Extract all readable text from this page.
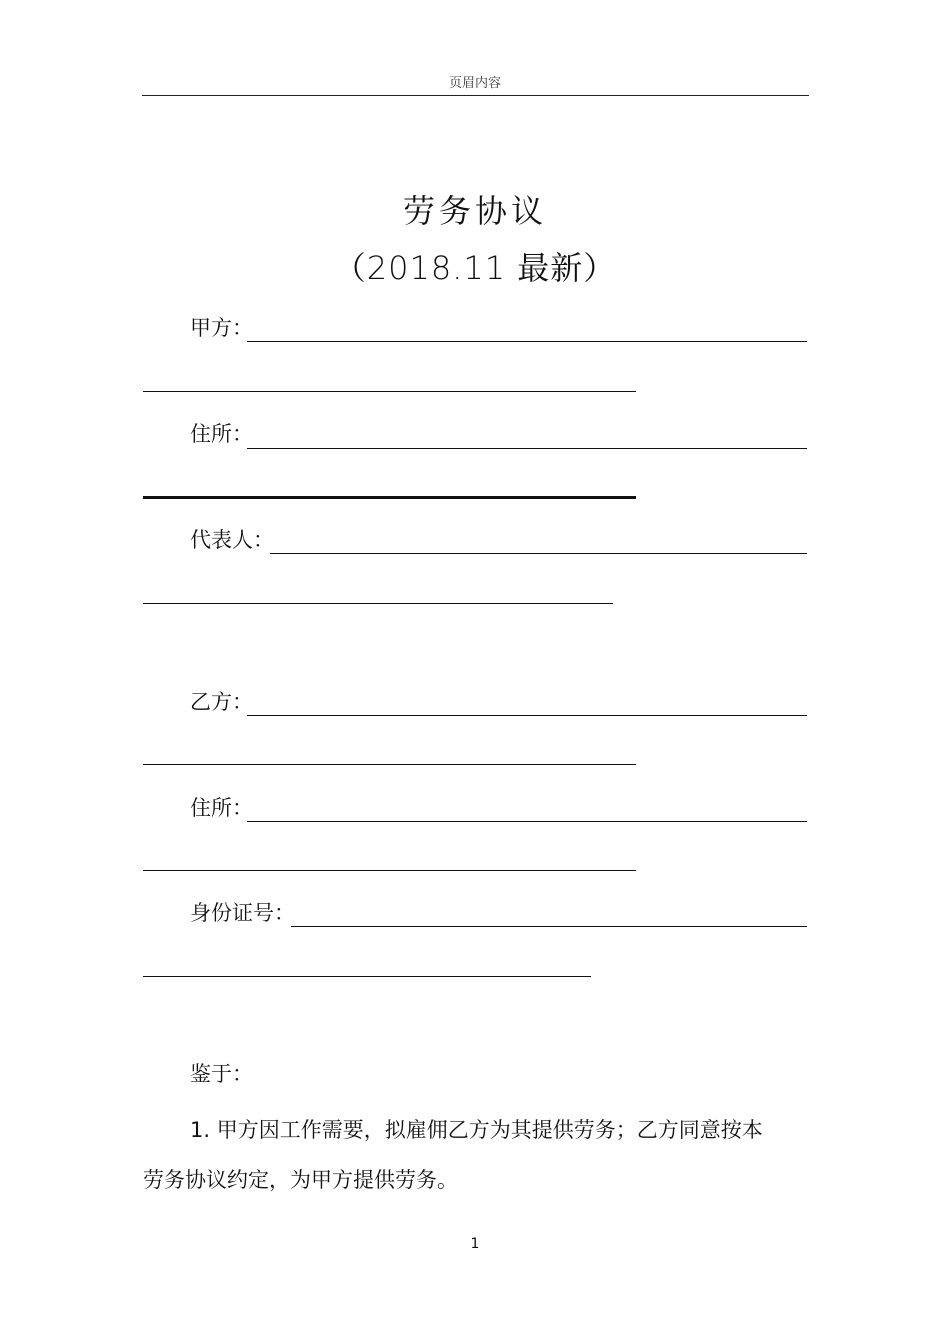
页眉内容
劳务协议
（2018.11 最新）
甲方：
住所：
代表人：
乙方：
住所：
身份证号：
鉴于：
1. 甲方因工作需要，拟雇佣乙方为其提供劳务；乙方同意按本
劳务协议约定，为甲方提供劳务。
1
